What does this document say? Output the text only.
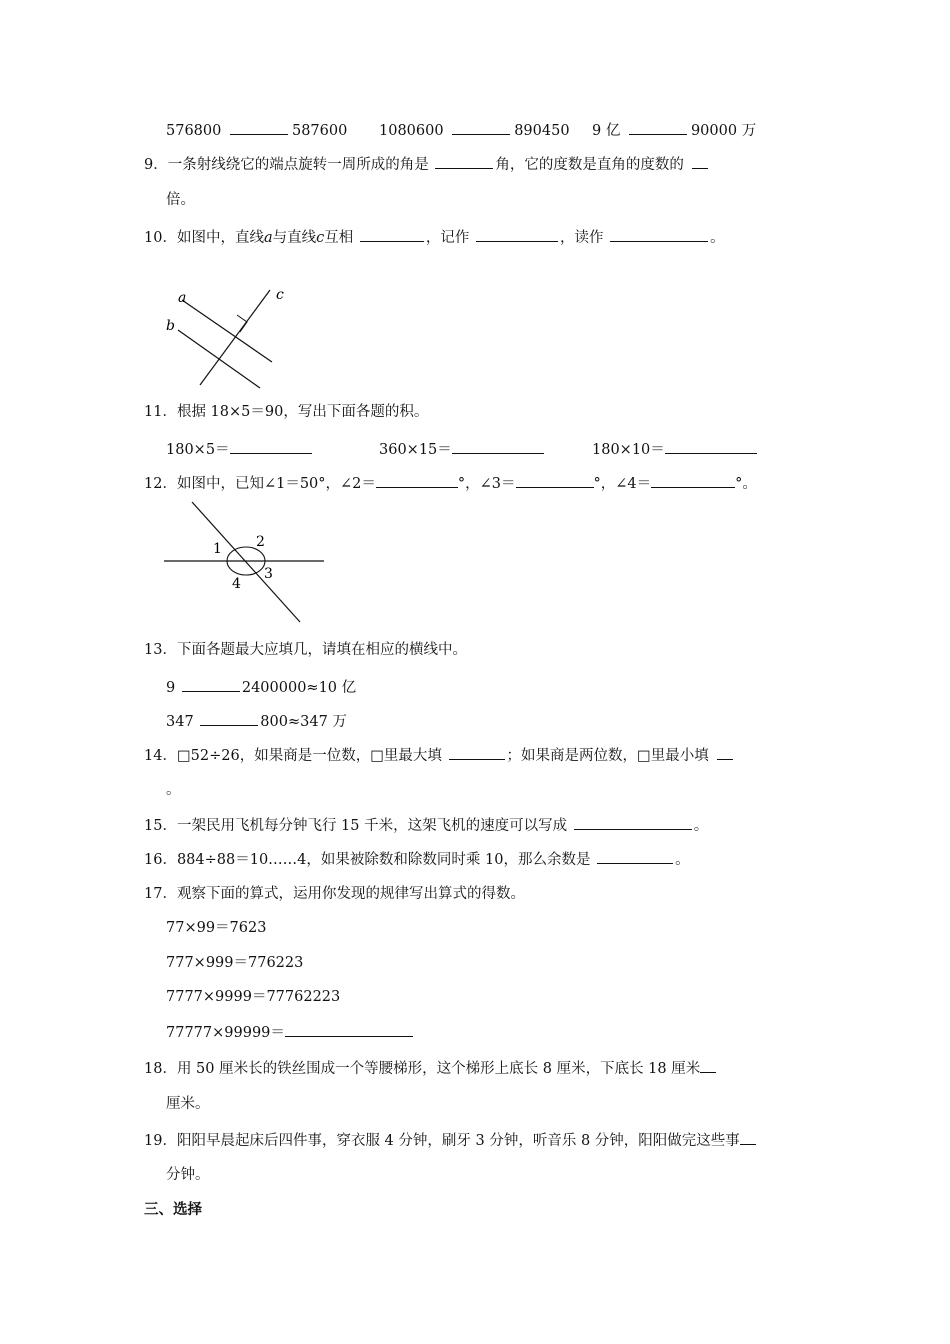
576800	587600 1080600	890450 9 亿	90000 万
9．一条射线绕它的端点旋转一周所成的角是	角，它的度数是直角的度数的
倍。
10．如图中，直线a与直线c互相	，记作	，读作	。
a
b
c
11．根据 18×5＝90，写出下面各题的积。
180×5＝	360×15＝	180×10＝
12．如图中，已知∠1＝50°，∠2＝	°，∠3＝	°，∠4＝	°。
1 2
3
4
13．下面各题最大应填几，请填在相应的横线中。
9	2400000≈10 亿
347	800≈347 万
14．□52÷26，如果商是一位数，□里最大填	；如果商是两位数，□里最小填
。
15．一架民用飞机每分钟飞行 15 千米，这架飞机的速度可以写成	。
16．884÷88＝10……4，如果被除数和除数同时乘 10，那么余数是	。
17．观察下面的算式，运用你发现的规律写出算式的得数。
77×99＝7623
777×999＝776223
7777×9999＝77762223
77777×99999＝
18．用 50 厘米长的铁丝围成一个等腰梯形，这个梯形上底长 8 厘米，下底长 18 厘米
厘米。
19．阳阳早晨起床后四件事，穿衣服 4 分钟，刷牙 3 分钟，听音乐 8 分钟，阳阳做完这些事
分钟。
三、选择
